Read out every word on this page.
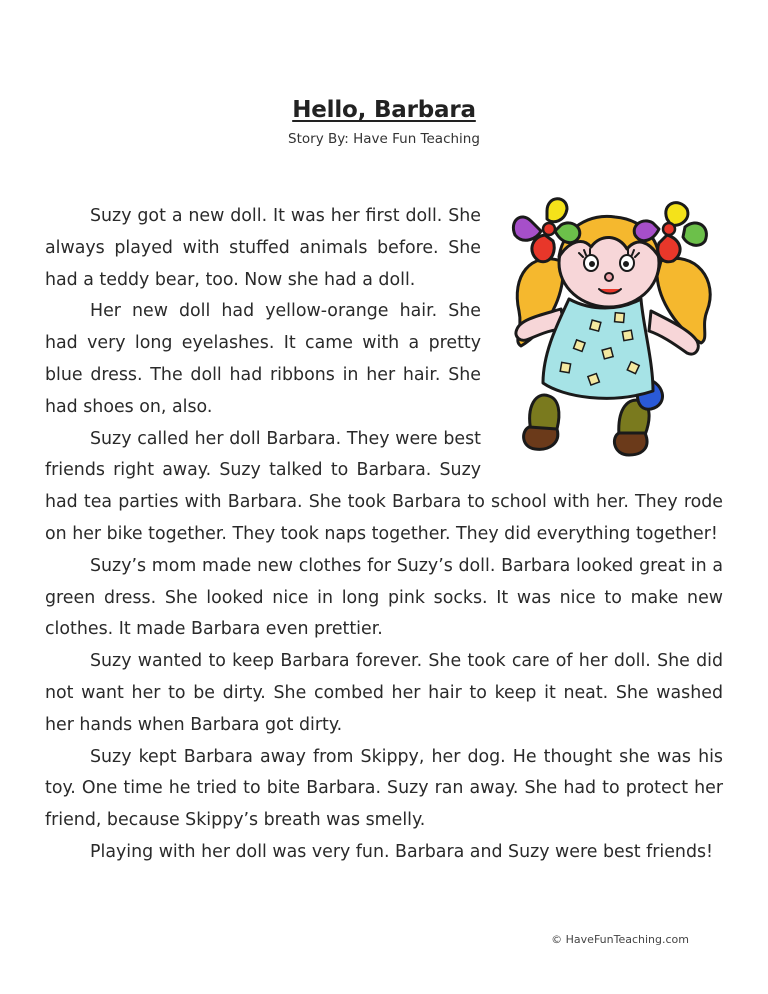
Hello, Barbara
Story By: Have Fun Teaching

Suzy got a new doll. It was her first doll. She always played with stuffed animals before. She had a teddy bear, too. Now she had a doll.

Her new doll had yellow-orange hair. She had very long eyelashes. It came with a pretty blue dress. The doll had ribbons in her hair. She had shoes on, also.

Suzy called her doll Barbara. They were best friends right away. Suzy talked to Barbara. Suzy had tea parties with Barbara. She took Barbara to school with her. They rode on her bike together. They took naps together. They did everything together!

Suzy’s mom made new clothes for Suzy’s doll. Barbara looked great in a green dress. She looked nice in long pink socks. It was nice to make new clothes. It made Barbara even prettier.

Suzy wanted to keep Barbara forever. She took care of her doll. She did not want her to be dirty. She combed her hair to keep it neat. She washed her hands when Barbara got dirty.

Suzy kept Barbara away from Skippy, her dog. He thought she was his toy. One time he tried to bite Barbara. Suzy ran away. She had to protect her friend, because Skippy’s breath was smelly.

Playing with her doll was very fun. Barbara and Suzy were best friends!

© HaveFunTeaching.com
